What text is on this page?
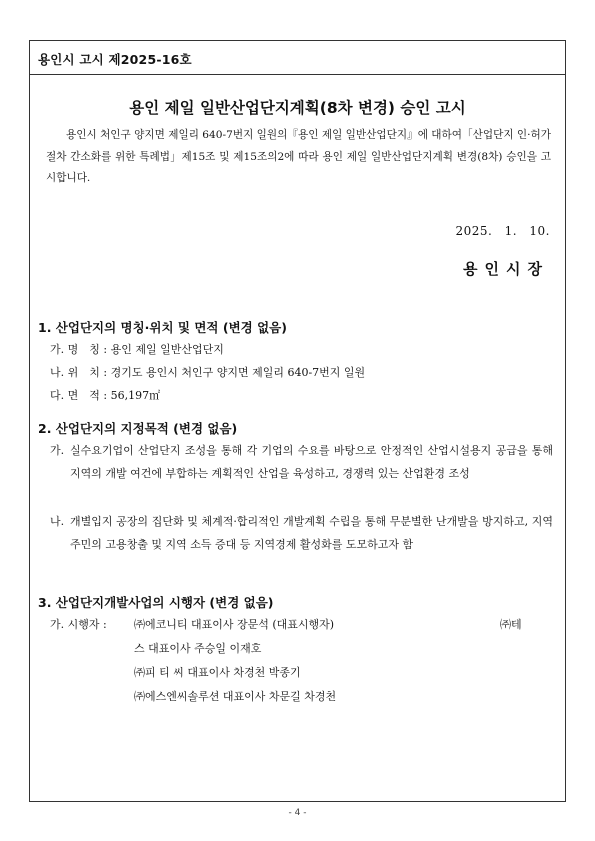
용인시 고시 제2025-16호
용인 제일 일반산업단지계획(8차 변경) 승인 고시
용인시 처인구 양지면 제일리 640-7번지 일원의『용인 제일 일반산업단지』에 대하여「산업단지 인·허가 절차 간소화를 위한 특례법」제15조 및 제15조의2에 따라 용인 제일 일반산업단지계획 변경(8차) 승인을 고시합니다.
2025. 1. 10.
용인시장
1. 산업단지의 명칭·위치 및 면적 (변경 없음)
가. 명　칭 : 용인 제일 일반산업단지
나. 위　치 : 경기도 용인시 처인구 양지면 제일리 640-7번지 일원
다. 면　적 : 56,197㎡
2. 산업단지의 지정목적 (변경 없음)
가. 실수요기업이 산업단지 조성을 통해 각 기업의 수요를 바탕으로 안정적인 산업시설용지 공급을 통해 지역의 개발 여건에 부합하는 계획적인 산업을 육성하고, 경쟁력 있는 산업환경 조성
나. 개별입지 공장의 집단화 및 체계적·합리적인 개발계획 수립을 통해 무분별한 난개발을 방지하고, 지역주민의 고용창출 및 지역 소득 증대 등 지역경제 활성화를 도모하고자 함
3. 산업단지개발사업의 시행자 (변경 없음)
가. 시행자 : ㈜에코니티 대표이사 장문석 (대표시행자)	㈜테
스 대표이사 주승일 이재호
㈜피 티 씨 대표이사 차경천 박종기
㈜에스엔씨솔루션 대표이사 차문길 차경천
- 4 -
